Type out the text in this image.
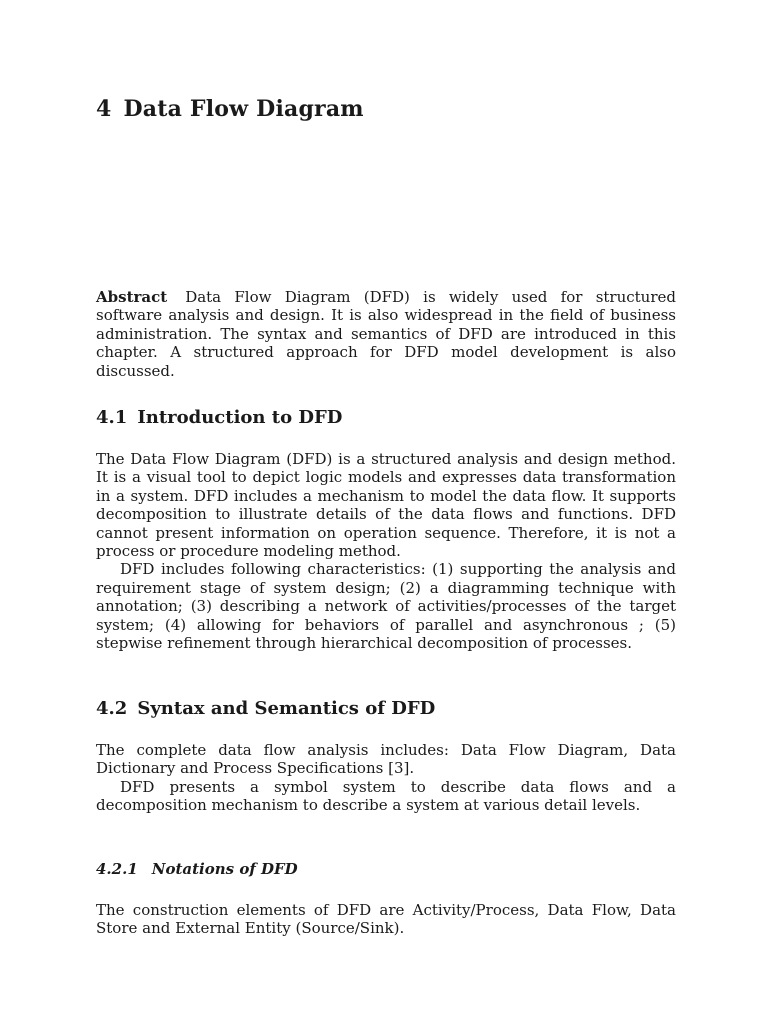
4 Data Flow Diagram

Abstract Data Flow Diagram (DFD) is widely used for structured software analysis and design. It is also widespread in the field of business administration. The syntax and semantics of DFD are introduced in this chapter. A structured approach for DFD model development is also discussed.

4.1 Introduction to DFD

The Data Flow Diagram (DFD) is a structured analysis and design method. It is a visual tool to depict logic models and expresses data transformation in a system. DFD includes a mechanism to model the data flow. It supports decomposition to illustrate details of the data flows and functions. DFD cannot present information on operation sequence. Therefore, it is not a process or procedure modeling method.

DFD includes following characteristics: (1) supporting the analysis and requirement stage of system design; (2) a diagramming technique with annotation; (3) describing a network of activities/processes of the target system; (4) allowing for behaviors of parallel and asynchronous ; (5) stepwise refinement through hierarchical decomposition of processes.

4.2 Syntax and Semantics of DFD

The complete data flow analysis includes: Data Flow Diagram, Data Dictionary and Process Specifications [3].

DFD presents a symbol system to describe data flows and a decomposition mechanism to describe a system at various detail levels.

4.2.1 Notations of DFD

The construction elements of DFD are Activity/Process, Data Flow, Data Store and External Entity (Source/Sink).
